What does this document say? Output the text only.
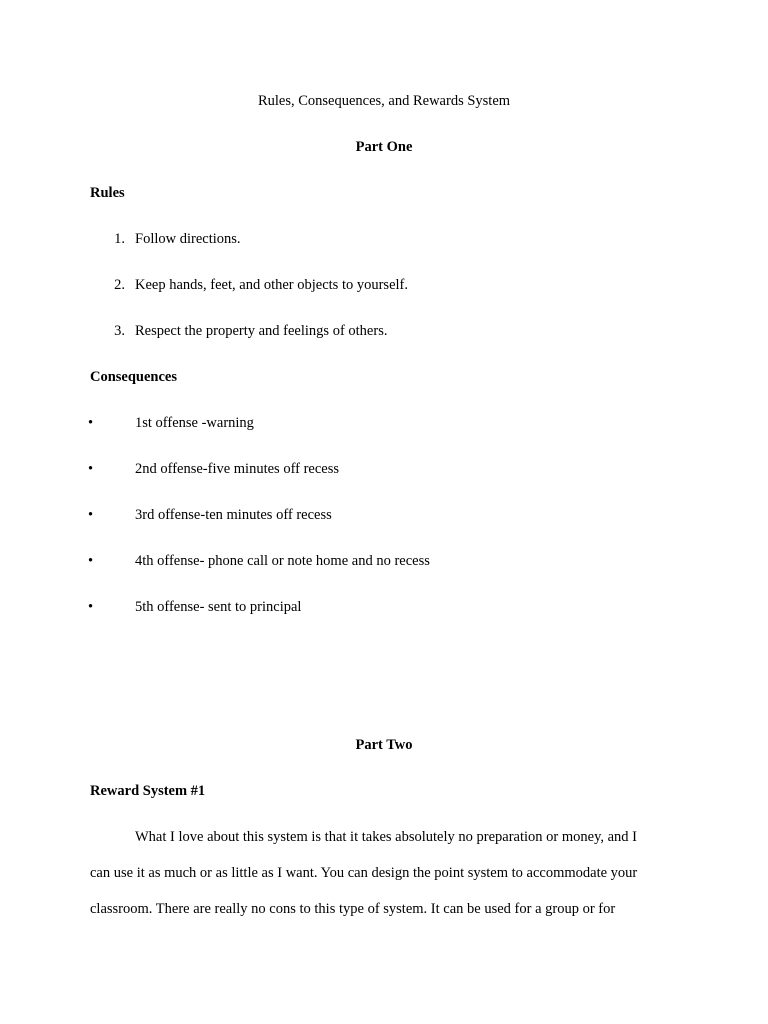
Rules, Consequences, and Rewards System
Part One
Rules
1. Follow directions.
2. Keep hands, feet, and other objects to yourself.
3. Respect the property and feelings of others.
Consequences
•	1st offense -warning
•	2nd offense-five minutes off recess
•	3rd offense-ten minutes off recess
•	4th offense- phone call or note home and no recess
•	5th offense- sent to principal
Part Two
Reward System #1
What I love about this system is that it takes absolutely no preparation or money, and I
can use it as much or as little as I want. You can design the point system to accommodate your
classroom. There are really no cons to this type of system. It can be used for a group or for
